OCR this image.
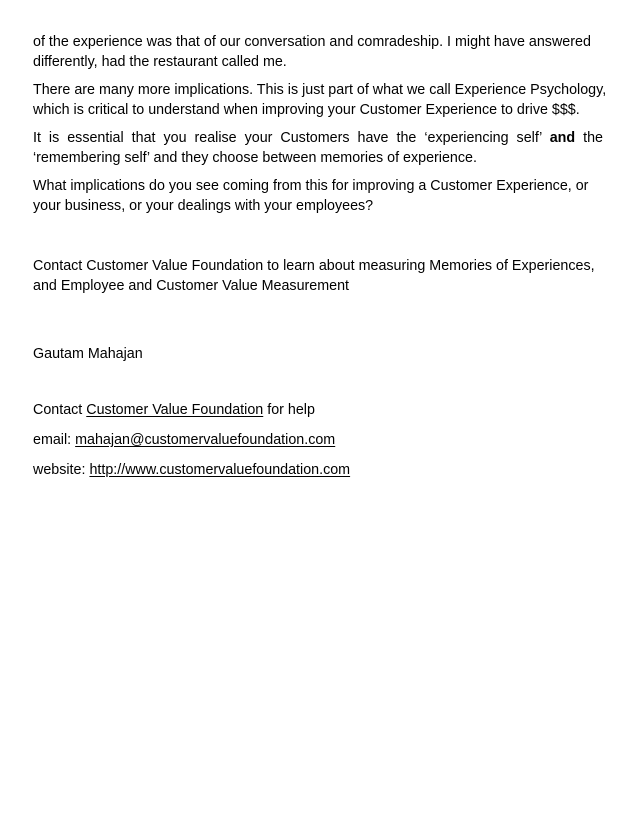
of the experience was that of our conversation and comradeship. I might have answered
differently, had the restaurant called me.
There are many more implications. This is just part of what we call Experience Psychology,
which is critical to understand when improving your Customer Experience to drive $$$.
It is essential that you realise your Customers have the ‘experiencing self’ and the
‘remembering self’ and they choose between memories of experience.
What implications do you see coming from this for improving a Customer Experience, or
your business, or your dealings with your employees?
Contact Customer Value Foundation to learn about measuring Memories of Experiences,
and Employee and Customer Value Measurement
Gautam Mahajan
Contact Customer Value Foundation for help
email: mahajan@customervaluefoundation.com
website: http://www.customervaluefoundation.com
